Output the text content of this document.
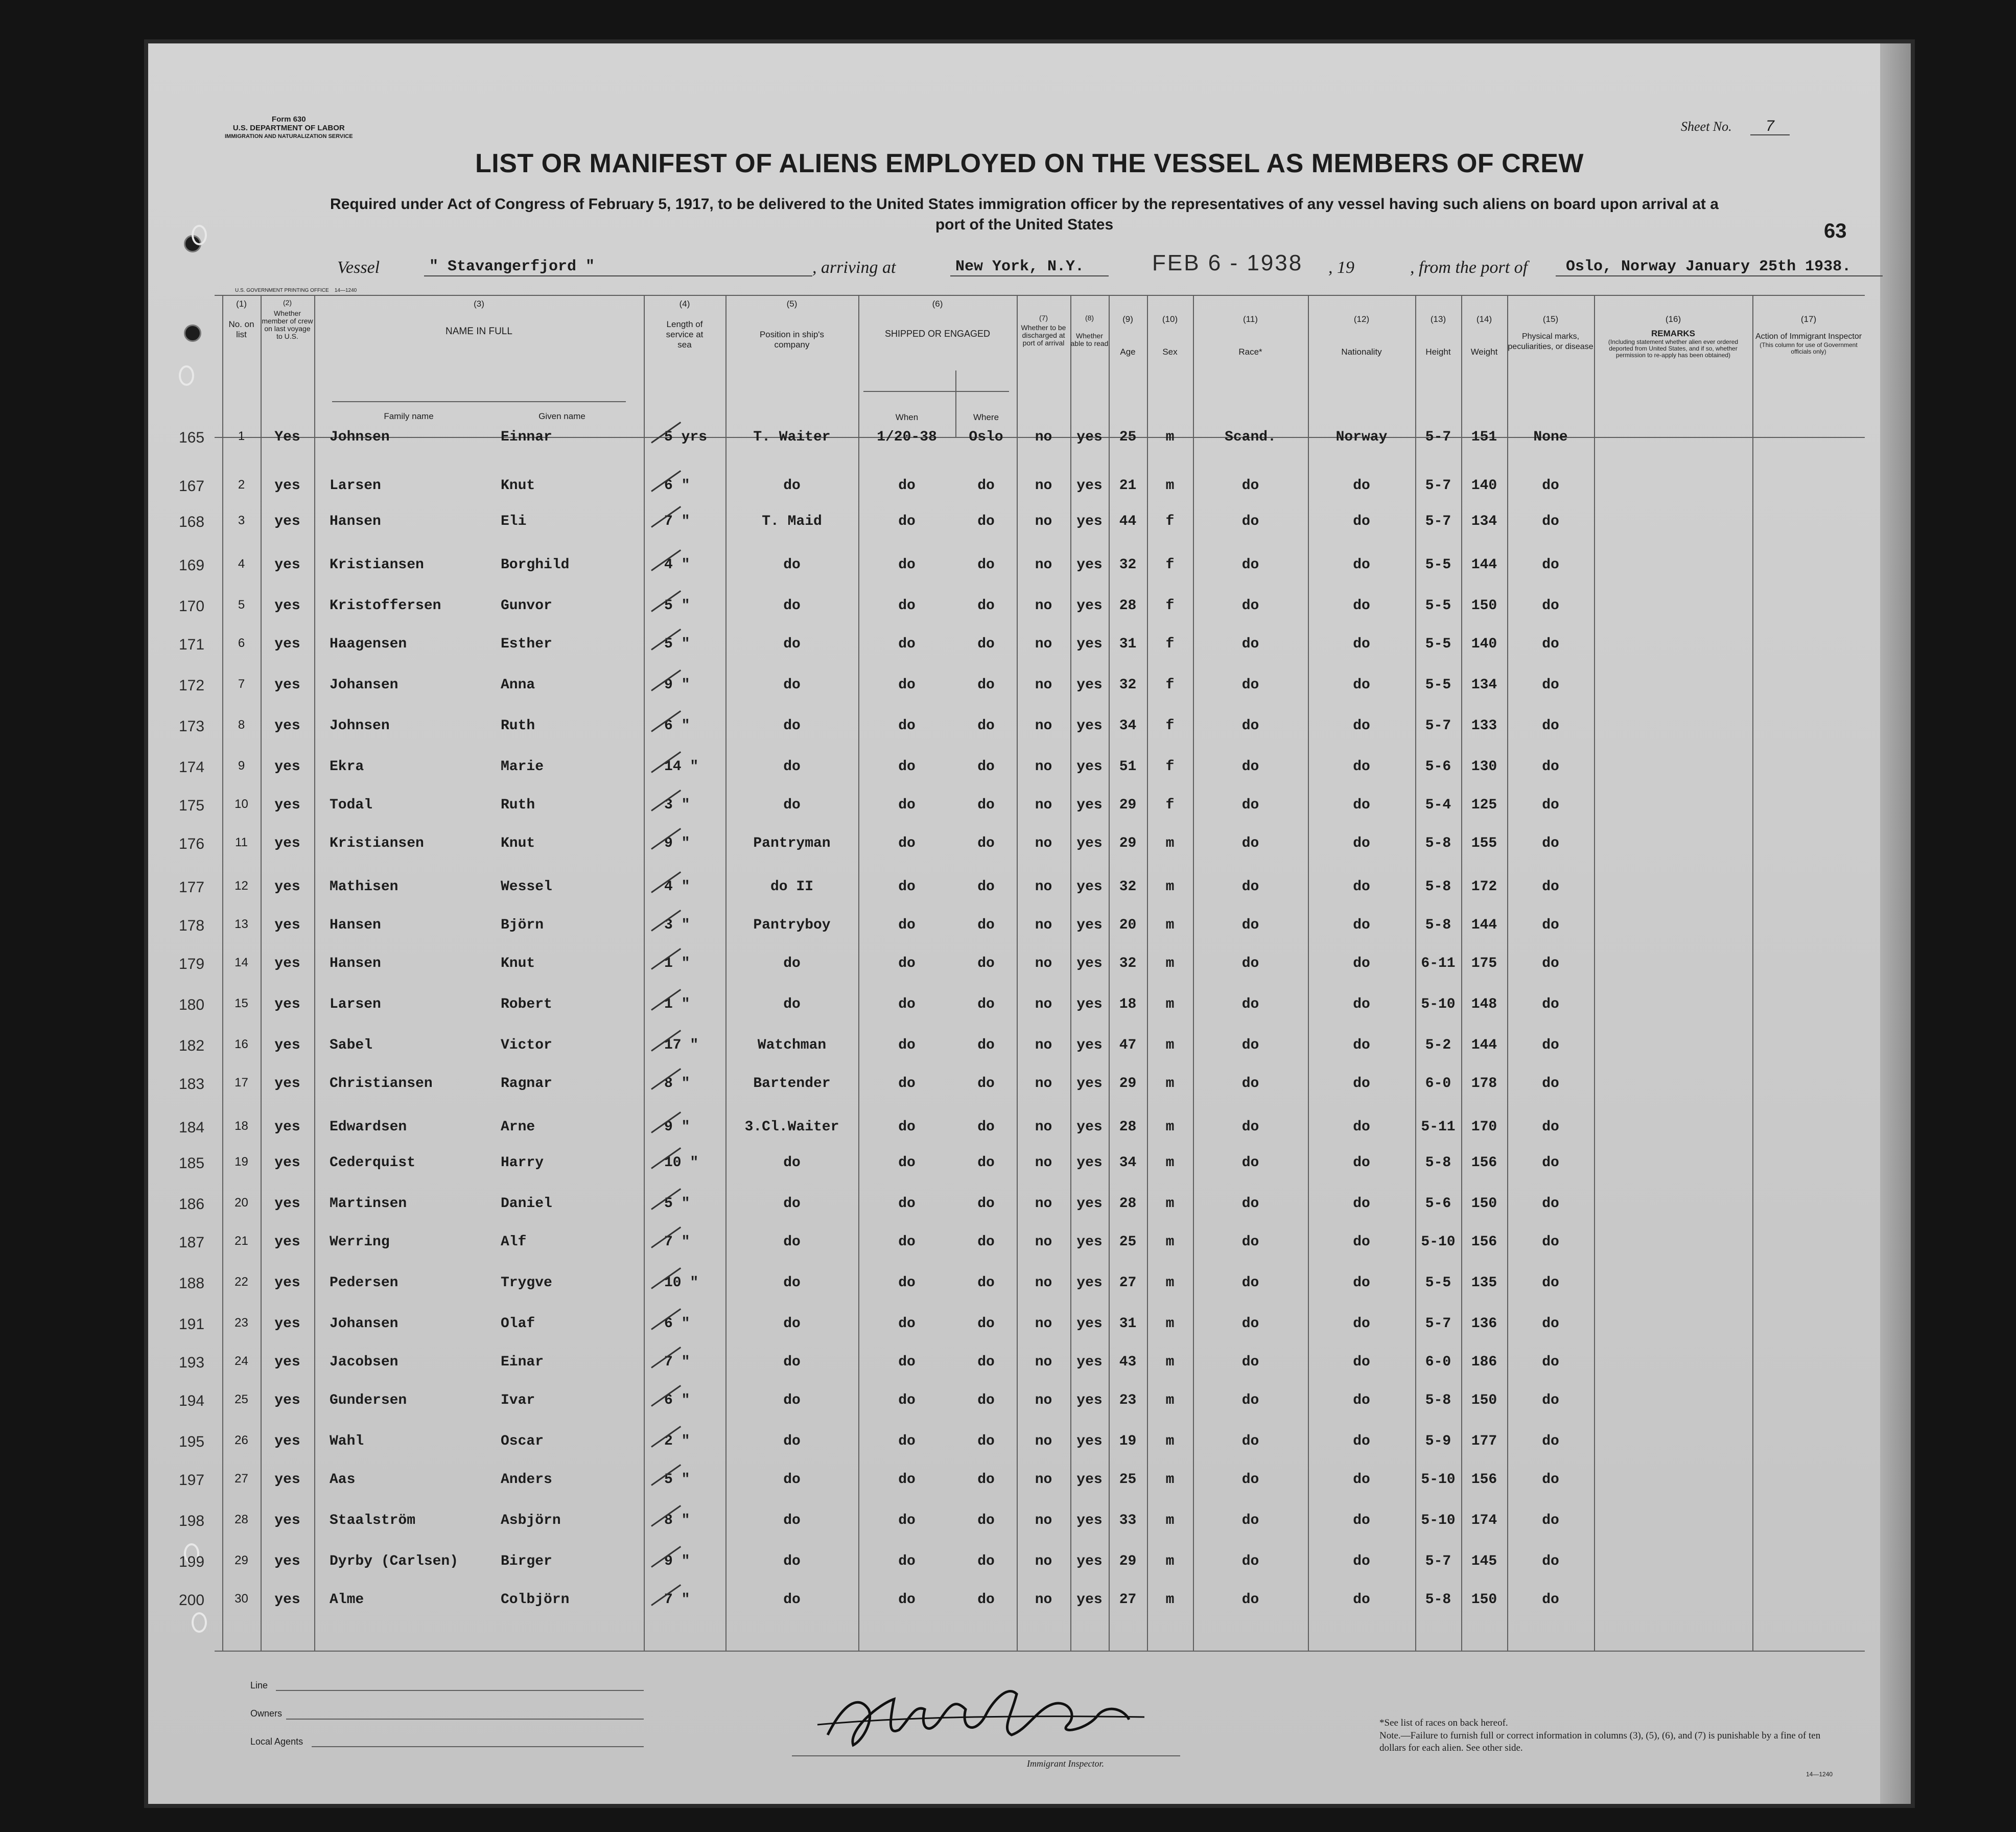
Form 630
U.S. DEPARTMENT OF LABOR
IMMIGRATION AND NATURALIZATION SERVICE
Sheet No. 7
LIST OR MANIFEST OF ALIENS EMPLOYED ON THE VESSEL AS MEMBERS OF CREW
Required under Act of Congress of February 5, 1917, to be delivered to the United States immigration officer by the representatives of any vessel having such aliens on board upon arrival at a
port of the United States	63
Vessel	" Stavangerfjord "	, arriving at	New York, N.Y.	FEB 6 - 1938 , 19	, from the port of	Oslo, Norway January 25th 1938.
U.S. GOVERNMENT PRINTING OFFICE 14—1240
(1)
No. on list
(2)
Whether member of crew on last voyage to U.S.
(3)
NAME IN FULL
Family name	Given name
(4)
Length of service at sea
(5)
Position in ship's company
(6)
SHIPPED OR ENGAGED
When	Where
(7)
Whether to be discharged at port of arrival
(8)
Whether able to read
(9)
Age
(10)
Sex
(11)
Race*
(12)
Nationality
(13)
Height
(14)
Weight
(15)
Physical marks, peculiarities, or disease
(16)
REMARKS
(Including statement whether alien ever ordered deported from United States, and if so, whether permission to re-apply has been obtained)
(17)
Action of Immigrant Inspector
(This column for use of Government officials only)
165	1	Yes	Johnsen	Einnar	5 yrs	T. Waiter	1/20-38	Oslo	no	yes	25	m	Scand.	Norway	5-7	151	None
167	2	yes	Larsen	Knut	6 "	do	do	do	no	yes	21	m	do	do	5-7	140	do
168	3	yes	Hansen	Eli	7 "	T. Maid	do	do	no	yes	44	f	do	do	5-7	134	do
169	4	yes	Kristiansen	Borghild	4 "	do	do	do	no	yes	32	f	do	do	5-5	144	do
170	5	yes	Kristoffersen	Gunvor	5 "	do	do	do	no	yes	28	f	do	do	5-5	150	do
171	6	yes	Haagensen	Esther	5 "	do	do	do	no	yes	31	f	do	do	5-5	140	do
172	7	yes	Johansen	Anna	9 "	do	do	do	no	yes	32	f	do	do	5-5	134	do
173	8	yes	Johnsen	Ruth	6 "	do	do	do	no	yes	34	f	do	do	5-7	133	do
174	9	yes	Ekra	Marie	14 "	do	do	do	no	yes	51	f	do	do	5-6	130	do
175	10	yes	Todal	Ruth	3 "	do	do	do	no	yes	29	f	do	do	5-4	125	do
176	11	yes	Kristiansen	Knut	9 "	Pantryman	do	do	no	yes	29	m	do	do	5-8	155	do
177	12	yes	Mathisen	Wessel	4 "	do II	do	do	no	yes	32	m	do	do	5-8	172	do
178	13	yes	Hansen	Björn	3 "	Pantryboy	do	do	no	yes	20	m	do	do	5-8	144	do
179	14	yes	Hansen	Knut	1 "	do	do	do	no	yes	32	m	do	do	6-11	175	do
180	15	yes	Larsen	Robert	1 "	do	do	do	no	yes	18	m	do	do	5-10	148	do
182	16	yes	Sabel	Victor	17 "	Watchman	do	do	no	yes	47	m	do	do	5-2	144	do
183	17	yes	Christiansen	Ragnar	8 "	Bartender	do	do	no	yes	29	m	do	do	6-0	178	do
184	18	yes	Edwardsen	Arne	9 "	3.Cl.Waiter	do	do	no	yes	28	m	do	do	5-11	170	do
185	19	yes	Cederquist	Harry	10 "	do	do	do	no	yes	34	m	do	do	5-8	156	do
186	20	yes	Martinsen	Daniel	5 "	do	do	do	no	yes	28	m	do	do	5-6	150	do
187	21	yes	Werring	Alf	7 "	do	do	do	no	yes	25	m	do	do	5-10	156	do
188	22	yes	Pedersen	Trygve	10 "	do	do	do	no	yes	27	m	do	do	5-5	135	do
191	23	yes	Johansen	Olaf	6 "	do	do	do	no	yes	31	m	do	do	5-7	136	do
193	24	yes	Jacobsen	Einar	7 "	do	do	do	no	yes	43	m	do	do	6-0	186	do
194	25	yes	Gundersen	Ivar	6 "	do	do	do	no	yes	23	m	do	do	5-8	150	do
195	26	yes	Wahl	Oscar	2 "	do	do	do	no	yes	19	m	do	do	5-9	177	do
197	27	yes	Aas	Anders	5 "	do	do	do	no	yes	25	m	do	do	5-10	156	do
198	28	yes	Staalström	Asbjörn	8 "	do	do	do	no	yes	33	m	do	do	5-10	174	do
199	29	yes	Dyrby (Carlsen)	Birger	9 "	do	do	do	no	yes	29	m	do	do	5-7	145	do
200	30	yes	Alme	Colbjörn	7 "	do	do	do	no	yes	27	m	do	do	5-8	150	do
Line
Owners
Local Agents
Immigrant Inspector.
*See list of races on back hereof.
Note.—Failure to furnish full or correct information in columns (3), (5), (6), and (7) is punishable by a fine of ten dollars for each alien. See other side.
14—1240
